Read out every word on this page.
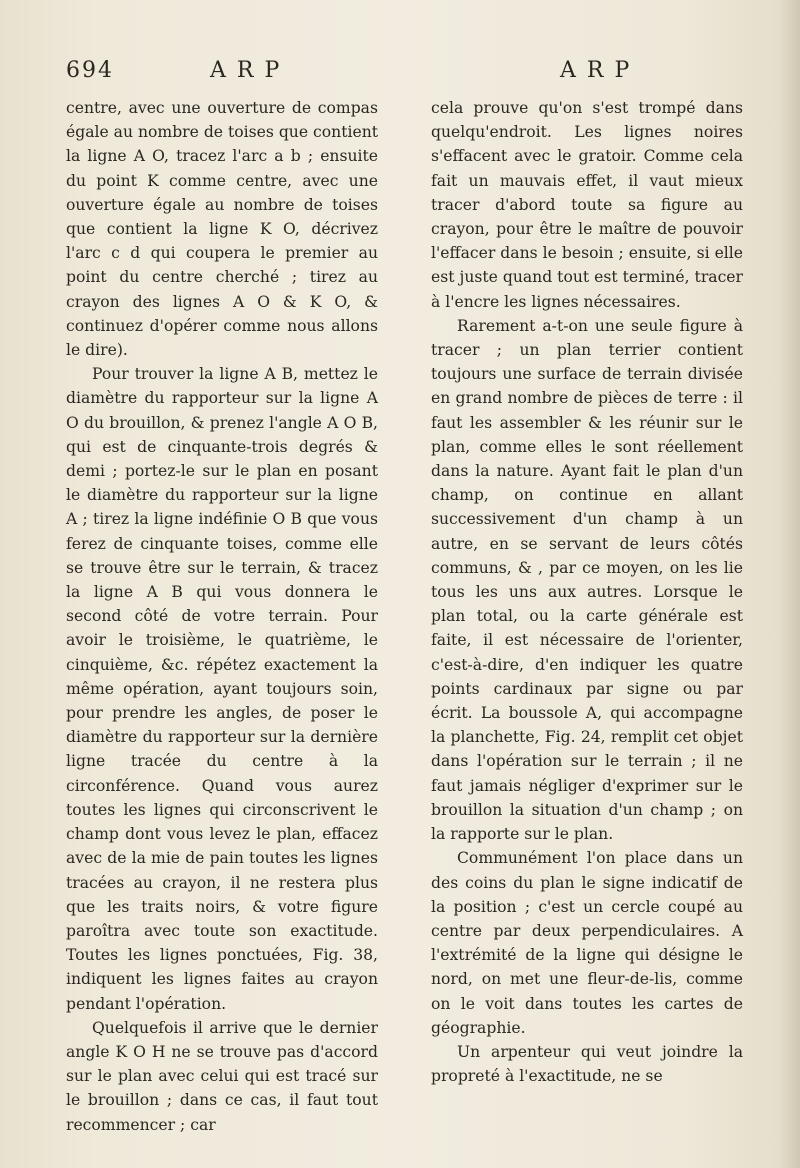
694	A R P	A R P

centre, avec une ouverture de compas égale au nombre de toises que contient la ligne A O, tracez l'arc a b ; ensuite du point K comme centre, avec une ouverture égale au nombre de toises que contient la ligne K O, décrivez l'arc c d qui coupera le premier au point du centre cherché ; tirez au crayon des lignes A O & K O, & continuez d'opérer comme nous allons le dire).

Pour trouver la ligne A B, mettez le diamètre du rapporteur sur la ligne A O du brouillon, & prenez l'angle A O B, qui est de cinquante-trois degrés & demi ; portez-le sur le plan en posant le diamètre du rapporteur sur la ligne A ; tirez la ligne indéfinie O B que vous ferez de cinquante toises, comme elle se trouve être sur le terrain, & tracez la ligne A B qui vous donnera le second côté de votre terrain. Pour avoir le troisième, le quatrième, le cinquième, &c. répétez exactement la même opération, ayant toujours soin, pour prendre les angles, de poser le diamètre du rapporteur sur la dernière ligne tracée du centre à la circonférence. Quand vous aurez toutes les lignes qui circonscrivent le champ dont vous levez le plan, effacez avec de la mie de pain toutes les lignes tracées au crayon, il ne restera plus que les traits noirs, & votre figure paroîtra avec toute son exactitude. Toutes les lignes ponctuées, Fig. 38, indiquent les lignes faites au crayon pendant l'opération.

Quelquefois il arrive que le dernier angle K O H ne se trouve pas d'accord sur le plan avec celui qui est tracé sur le brouillon ; dans ce cas, il faut tout recommencer ; car

cela prouve qu'on s'est trompé dans quelqu'endroit. Les lignes noires s'effacent avec le gratoir. Comme cela fait un mauvais effet, il vaut mieux tracer d'abord toute sa figure au crayon, pour être le maître de pouvoir l'effacer dans le besoin ; ensuite, si elle est juste quand tout est terminé, tracer à l'encre les lignes nécessaires.

Rarement a-t-on une seule figure à tracer ; un plan terrier contient toujours une surface de terrain divisée en grand nombre de pièces de terre : il faut les assembler & les réunir sur le plan, comme elles le sont réellement dans la nature. Ayant fait le plan d'un champ, on continue en allant successivement d'un champ à un autre, en se servant de leurs côtés communs, & , par ce moyen, on les lie tous les uns aux autres. Lorsque le plan total, ou la carte générale est faite, il est nécessaire de l'orienter, c'est-à-dire, d'en indiquer les quatre points cardinaux par signe ou par écrit. La boussole A, qui accompagne la planchette, Fig. 24, remplit cet objet dans l'opération sur le terrain ; il ne faut jamais négliger d'exprimer sur le brouillon la situation d'un champ ; on la rapporte sur le plan.

Communément l'on place dans un des coins du plan le signe indicatif de la position ; c'est un cercle coupé au centre par deux perpendiculaires. A l'extrémité de la ligne qui désigne le nord, on met une fleur-de-lis, comme on le voit dans toutes les cartes de géographie.

Un arpenteur qui veut joindre la propreté à l'exactitude, ne se
